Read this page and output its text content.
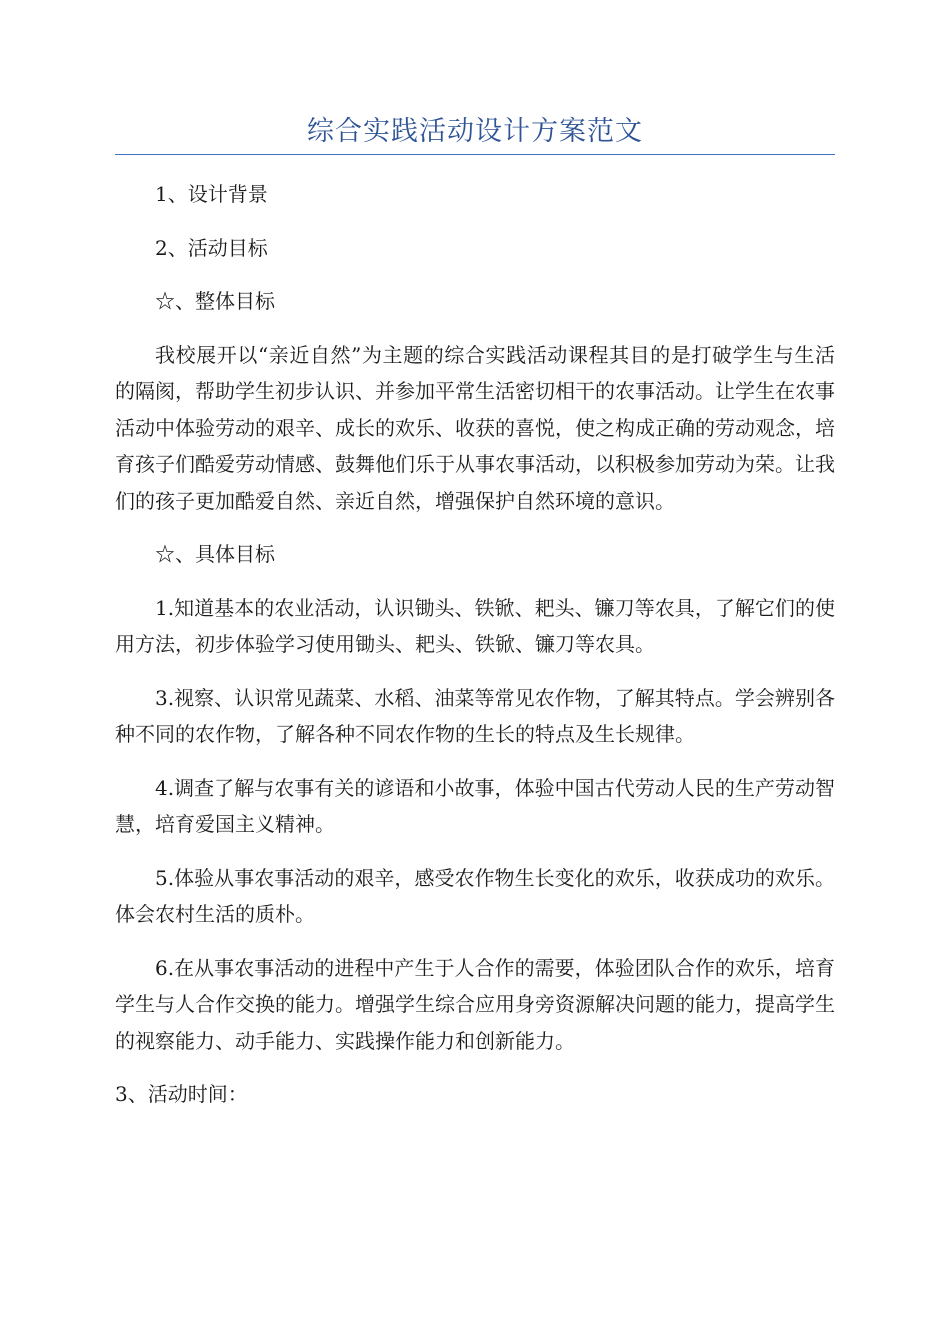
综合实践活动设计方案范文

1、设计背景

2、活动目标

☆、整体目标

我校展开以“亲近自然”为主题的综合实践活动课程其目的是打破学生与生活的隔阂，帮助学生初步认识、并参加平常生活密切相干的农事活动。让学生在农事活动中体验劳动的艰辛、成长的欢乐、收获的喜悦，使之构成正确的劳动观念，培育孩子们酷爱劳动情感、鼓舞他们乐于从事农事活动，以积极参加劳动为荣。让我们的孩子更加酷爱自然、亲近自然，增强保护自然环境的意识。

☆、具体目标

1.知道基本的农业活动，认识锄头、铁锨、耙头、镰刀等农具，了解它们的使用方法，初步体验学习使用锄头、耙头、铁锨、镰刀等农具。

3.视察、认识常见蔬菜、水稻、油菜等常见农作物，了解其特点。学会辨别各种不同的农作物，了解各种不同农作物的生长的特点及生长规律。

4.调查了解与农事有关的谚语和小故事，体验中国古代劳动人民的生产劳动智慧，培育爱国主义精神。

5.体验从事农事活动的艰辛，感受农作物生长变化的欢乐，收获成功的欢乐。体会农村生活的质朴。

6.在从事农事活动的进程中产生于人合作的需要，体验团队合作的欢乐，培育学生与人合作交换的能力。增强学生综合应用身旁资源解决问题的能力，提高学生的视察能力、动手能力、实践操作能力和创新能力。

3、活动时间：
